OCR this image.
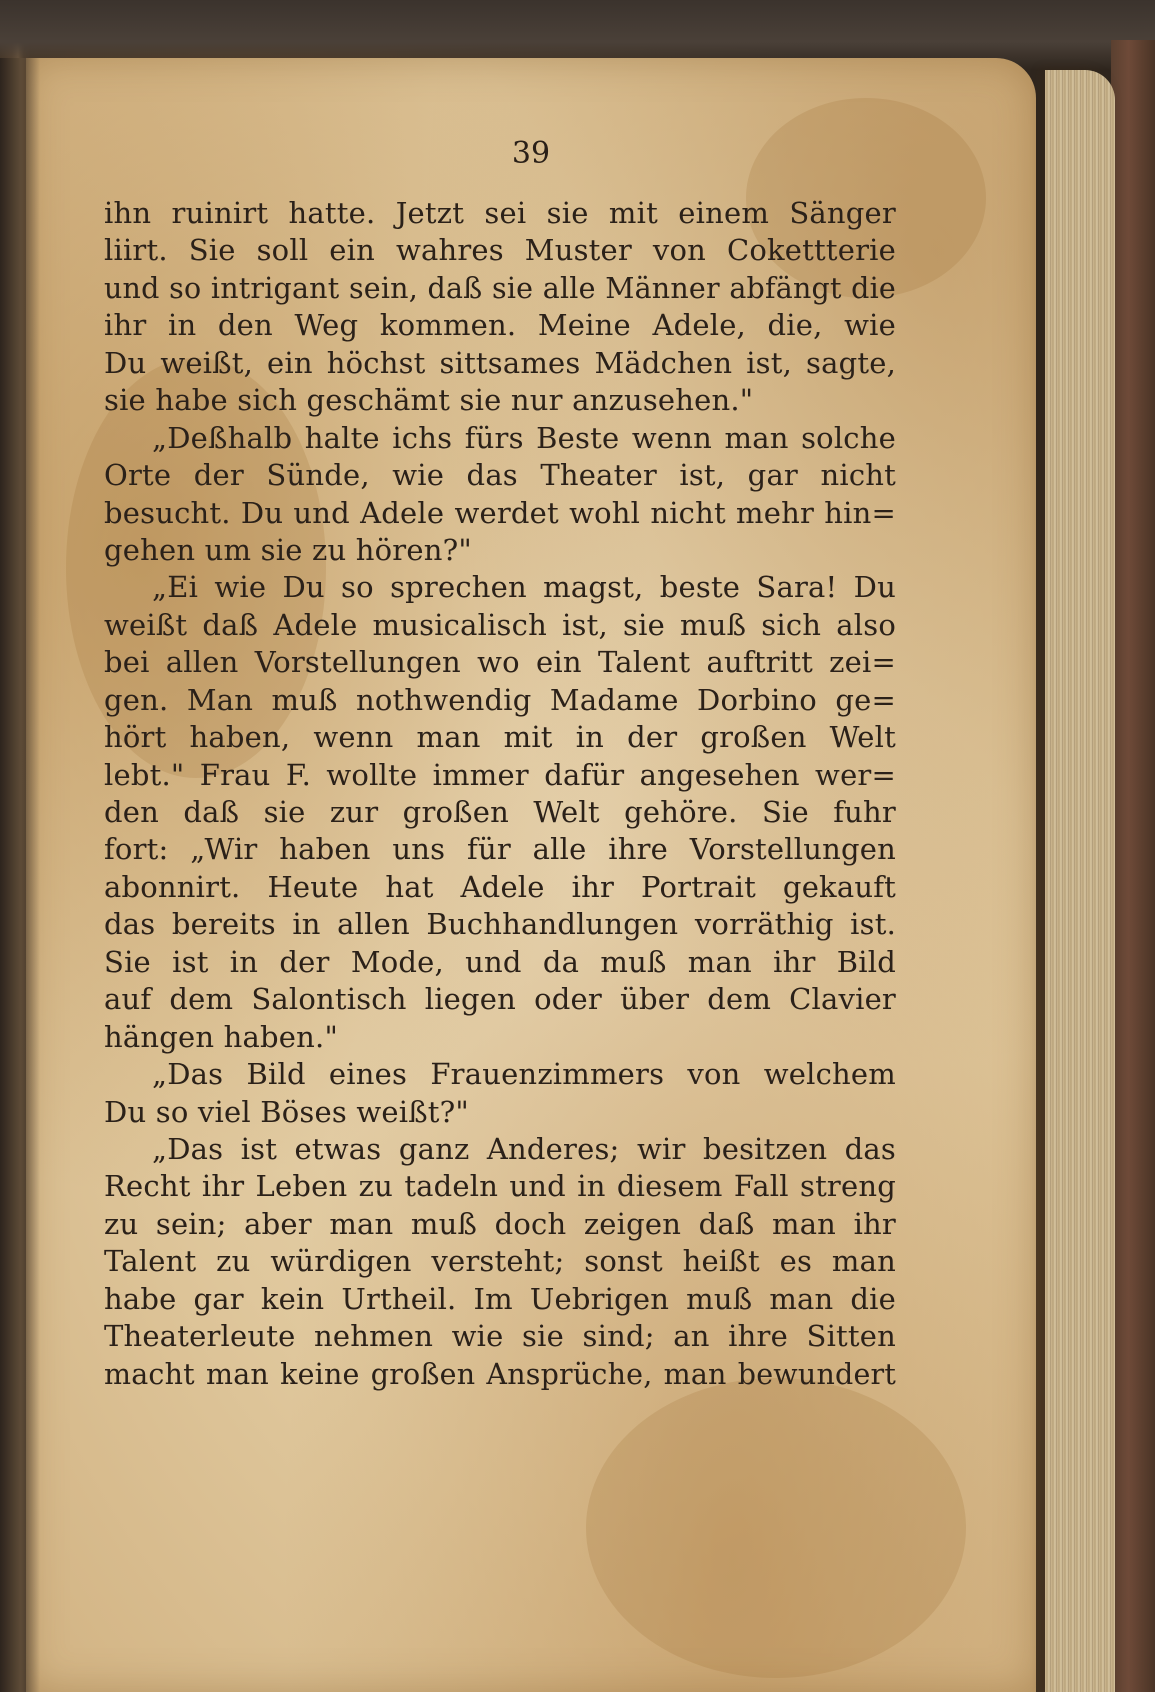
39
ihn ruinirt hatte. Jetzt sei sie mit einem Sänger
liirt. Sie soll ein wahres Muster von Cokettterie
und so intrigant sein, daß sie alle Männer abfängt die
ihr in den Weg kommen. Meine Adele, die, wie
Du weißt, ein höchst sittsames Mädchen ist, sagte,
sie habe sich geschämt sie nur anzusehen."
„Deßhalb halte ichs fürs Beste wenn man solche
Orte der Sünde, wie das Theater ist, gar nicht
besucht. Du und Adele werdet wohl nicht mehr hin=
gehen um sie zu hören?"
„Ei wie Du so sprechen magst, beste Sara! Du
weißt daß Adele musicalisch ist, sie muß sich also
bei allen Vorstellungen wo ein Talent auftritt zei=
gen. Man muß nothwendig Madame Dorbino ge=
hört haben, wenn man mit in der großen Welt
lebt." Frau F. wollte immer dafür angesehen wer=
den daß sie zur großen Welt gehöre. Sie fuhr
fort: „Wir haben uns für alle ihre Vorstellungen
abonnirt. Heute hat Adele ihr Portrait gekauft
das bereits in allen Buchhandlungen vorräthig ist.
Sie ist in der Mode, und da muß man ihr Bild
auf dem Salontisch liegen oder über dem Clavier
hängen haben."
„Das Bild eines Frauenzimmers von welchem
Du so viel Böses weißt?"
„Das ist etwas ganz Anderes; wir besitzen das
Recht ihr Leben zu tadeln und in diesem Fall streng
zu sein; aber man muß doch zeigen daß man ihr
Talent zu würdigen versteht; sonst heißt es man
habe gar kein Urtheil. Im Uebrigen muß man die
Theaterleute nehmen wie sie sind; an ihre Sitten
macht man keine großen Ansprüche, man bewundert
